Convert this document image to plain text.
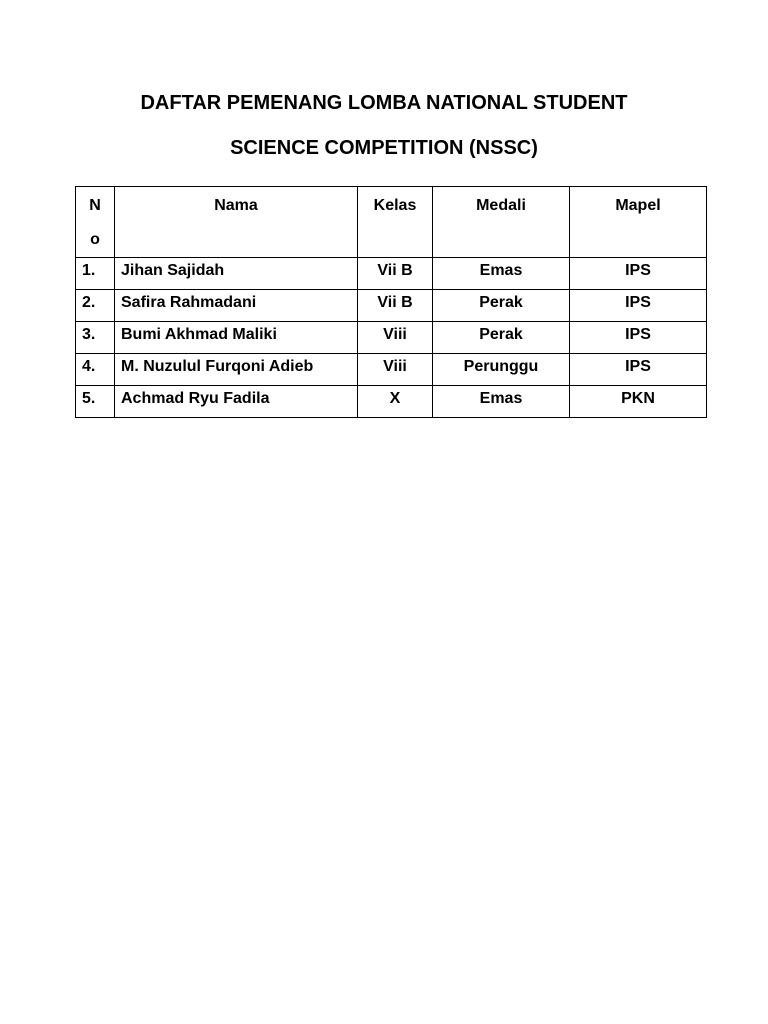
DAFTAR PEMENANG LOMBA NATIONAL STUDENT
SCIENCE COMPETITION (NSSC)
N
o	Nama	Kelas	Medali	Mapel
1.	Jihan Sajidah	Vii B	Emas	IPS
2.	Safira Rahmadani	Vii B	Perak	IPS
3.	Bumi Akhmad Maliki	Viii	Perak	IPS
4.	M. Nuzulul Furqoni Adieb	Viii	Perunggu	IPS
5.	Achmad Ryu Fadila	X	Emas	PKN
